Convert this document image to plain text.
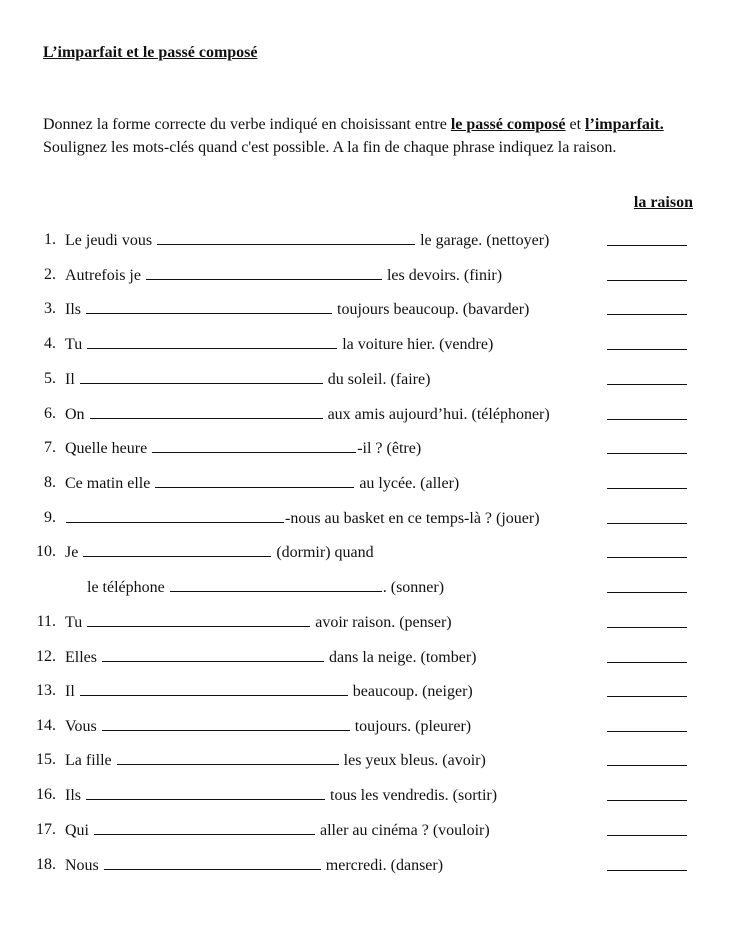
L’imparfait et le passé composé

Donnez la forme correcte du verbe indiqué en choisissant entre le passé composé et l’imparfait. Soulignez les mots-clés quand c'est possible. A la fin de chaque phrase indiquez la raison.

la raison

1. Le jeudi vous	le garage. (nettoyer)
2. Autrefois je	les devoirs. (finir)
3. Ils	toujours beaucoup. (bavarder)
4. Tu	la voiture hier. (vendre)
5. Il	du soleil. (faire)
6. On	aux amis aujourd’hui. (téléphoner)
7. Quelle heure	-il ? (être)
8. Ce matin elle	au lycée. (aller)
9.	-nous au basket en ce temps-là ? (jouer)
10. Je	(dormir) quand
le téléphone	. (sonner)
11. Tu	avoir raison. (penser)
12. Elles	dans la neige. (tomber)
13. Il	beaucoup. (neiger)
14. Vous	toujours. (pleurer)
15. La fille	les yeux bleus. (avoir)
16. Ils	tous les vendredis. (sortir)
17. Qui	aller au cinéma ? (vouloir)
18. Nous	mercredi. (danser)
